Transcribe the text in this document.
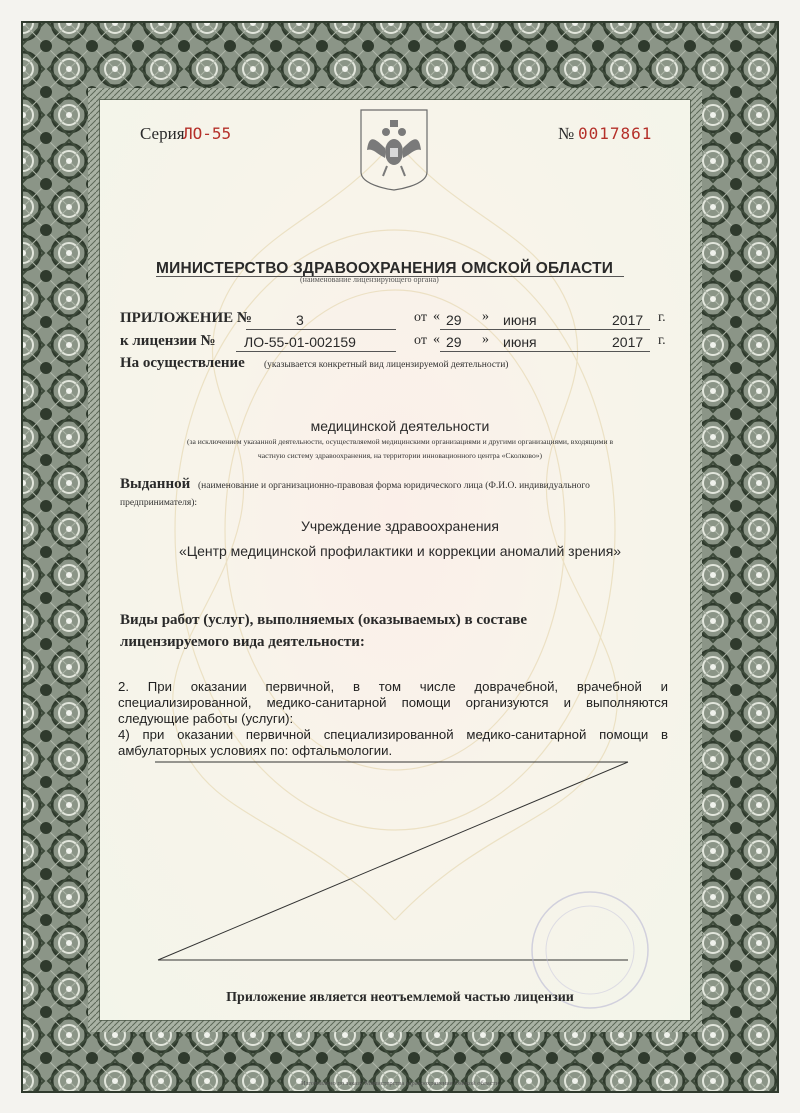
Серия
ЛО-55	№ 0017861
МИНИСТЕРСТВО ЗДРАВООХРАНЕНИЯ ОМСКОЙ ОБЛАСТИ
(наименование лицензирующего органа)
ПРИЛОЖЕНИЕ №	3	от « 29 » июня	2017 г.
к лицензии № ЛО-55-01-002159	от « 29 » июня	2017 г.
На осуществление (указывается конкретный вид лицензируемой деятельности)
медицинской деятельности
(за исключением указанной деятельности, осуществляемой медицинскими организациями и другими организациями, входящими в
частную систему здравоохранения, на территории инновационного центра «Сколково»)
Выданной (наименование и организационно-правовая форма юридического лица (Ф.И.О. индивидуального
предпринимателя):
Учреждение здравоохранения
«Центр медицинской профилактики и коррекции аномалий зрения»
Виды работ (услуг), выполняемых (оказываемых) в составе
лицензируемого вида деятельности:
2. При оказании первичной, в том числе доврачебной, врачебной и
специализированной, медико-санитарной помощи организуются и выполняются
следующие работы (услуги):
4) при оказании первичной специализированной медико-санитарной помощи в
амбулаторных условиях по: офтальмологии.
Приложение является неотъемлемой частью лицензии
Изготовлено по заказу Министерства здравоохранения Омской области
